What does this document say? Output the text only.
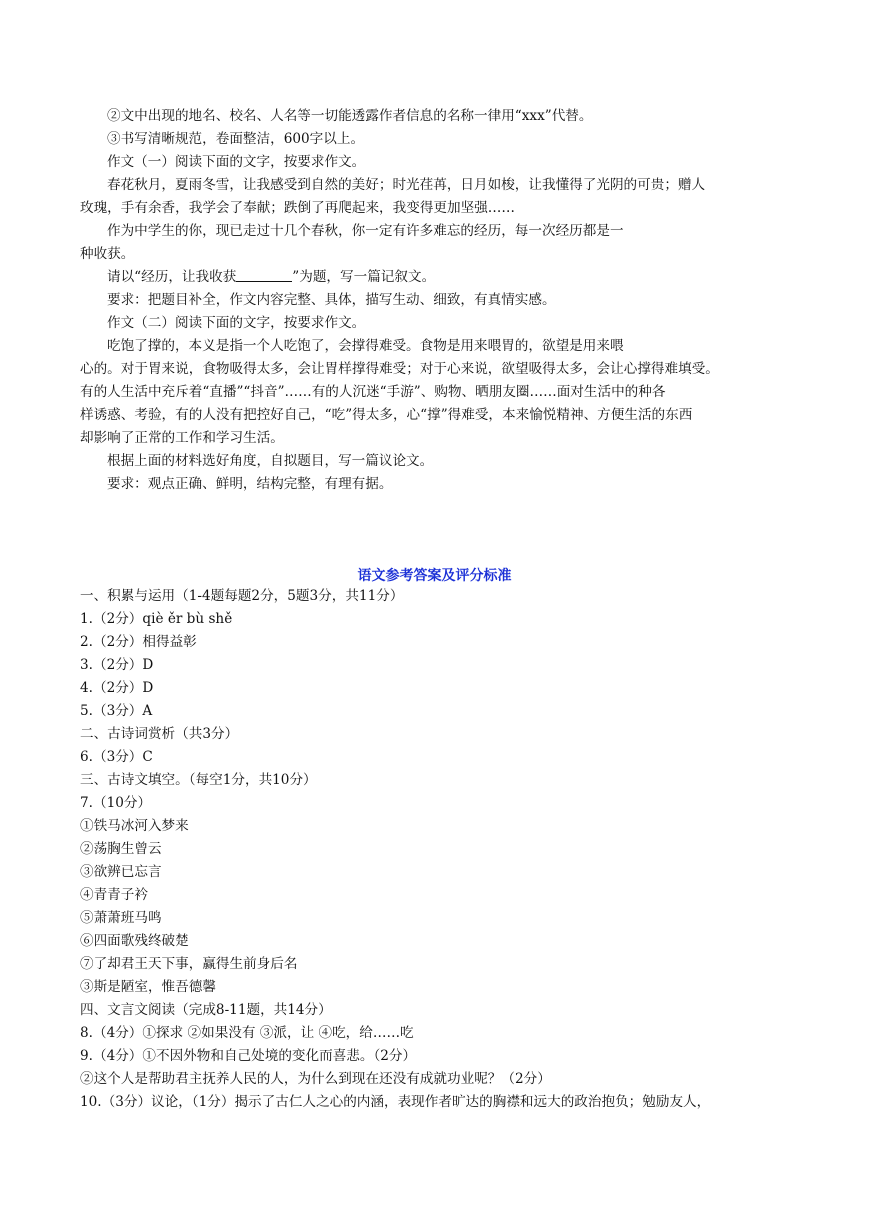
②文中出现的地名、校名、人名等一切能透露作者信息的名称一律用“xxx”代替。
③书写清晰规范，卷面整洁，600字以上。
作文（一）阅读下面的文字，按要求作文。
春花秋月，夏雨冬雪，让我感受到自然的美好；时光荏苒，日月如梭，让我懂得了光阴的可贵；赠人
玫瑰，手有余香，我学会了奉献；跌倒了再爬起来，我变得更加坚强……
作为中学生的你，现已走过十几个春秋，你一定有许多难忘的经历，每一次经历都是一
种收获。
请以“经历，让我收获	”为题，写一篇记叙文。
要求：把题目补全，作文内容完整、具体，描写生动、细致，有真情实感。
作文（二）阅读下面的文字，按要求作文。
吃饱了撑的，本义是指一个人吃饱了，会撑得难受。食物是用来喂胃的，欲望是用来喂
心的。对于胃来说，食物吸得太多，会让胃样撑得难受；对于心来说，欲望吸得太多，会让心撑得难填受。
有的人生活中充斥着“直播”“抖音”……有的人沉迷“手游”、购物、晒朋友圈……面对生活中的种各
样诱惑、考验，有的人没有把控好自己，“吃”得太多，心“撑”得难受，本来愉悦精神、方便生活的东西
却影响了正常的工作和学习生活。
根据上面的材料选好角度，自拟题目，写一篇议论文。
要求：观点正确、鲜明，结构完整，有理有据。
语文参考答案及评分标准
一、积累与运用（1-4题每题2分，5题3分，共11分）
1.（2分）qiè ěr bù shě
2.（2分）相得益彰
3.（2分）D
4.（2分）D
5.（3分）A
二、古诗词赏析（共3分）
6.（3分）C
三、古诗文填空。（每空1分，共10分）
7.（10分）
①铁马冰河入梦来
②荡胸生曾云
③欲辨已忘言
④青青子衿
⑤萧萧班马鸣
⑥四面歌残终破楚
⑦了却君王天下事，赢得生前身后名
③斯是陋室，惟吾德馨
四、文言文阅读（完成8-11题，共14分）
8.（4分）①探求 ②如果没有 ③派，让 ④吃，给……吃
9.（4分）①不因外物和自己处境的变化而喜悲。（2分）
②这个人是帮助君主抚养人民的人，为什么到现在还没有成就功业呢？（2分）
10.（3分）议论，（1分）揭示了古仁人之心的内涵，表现作者旷达的胸襟和远大的政治抱负；勉励友人，
